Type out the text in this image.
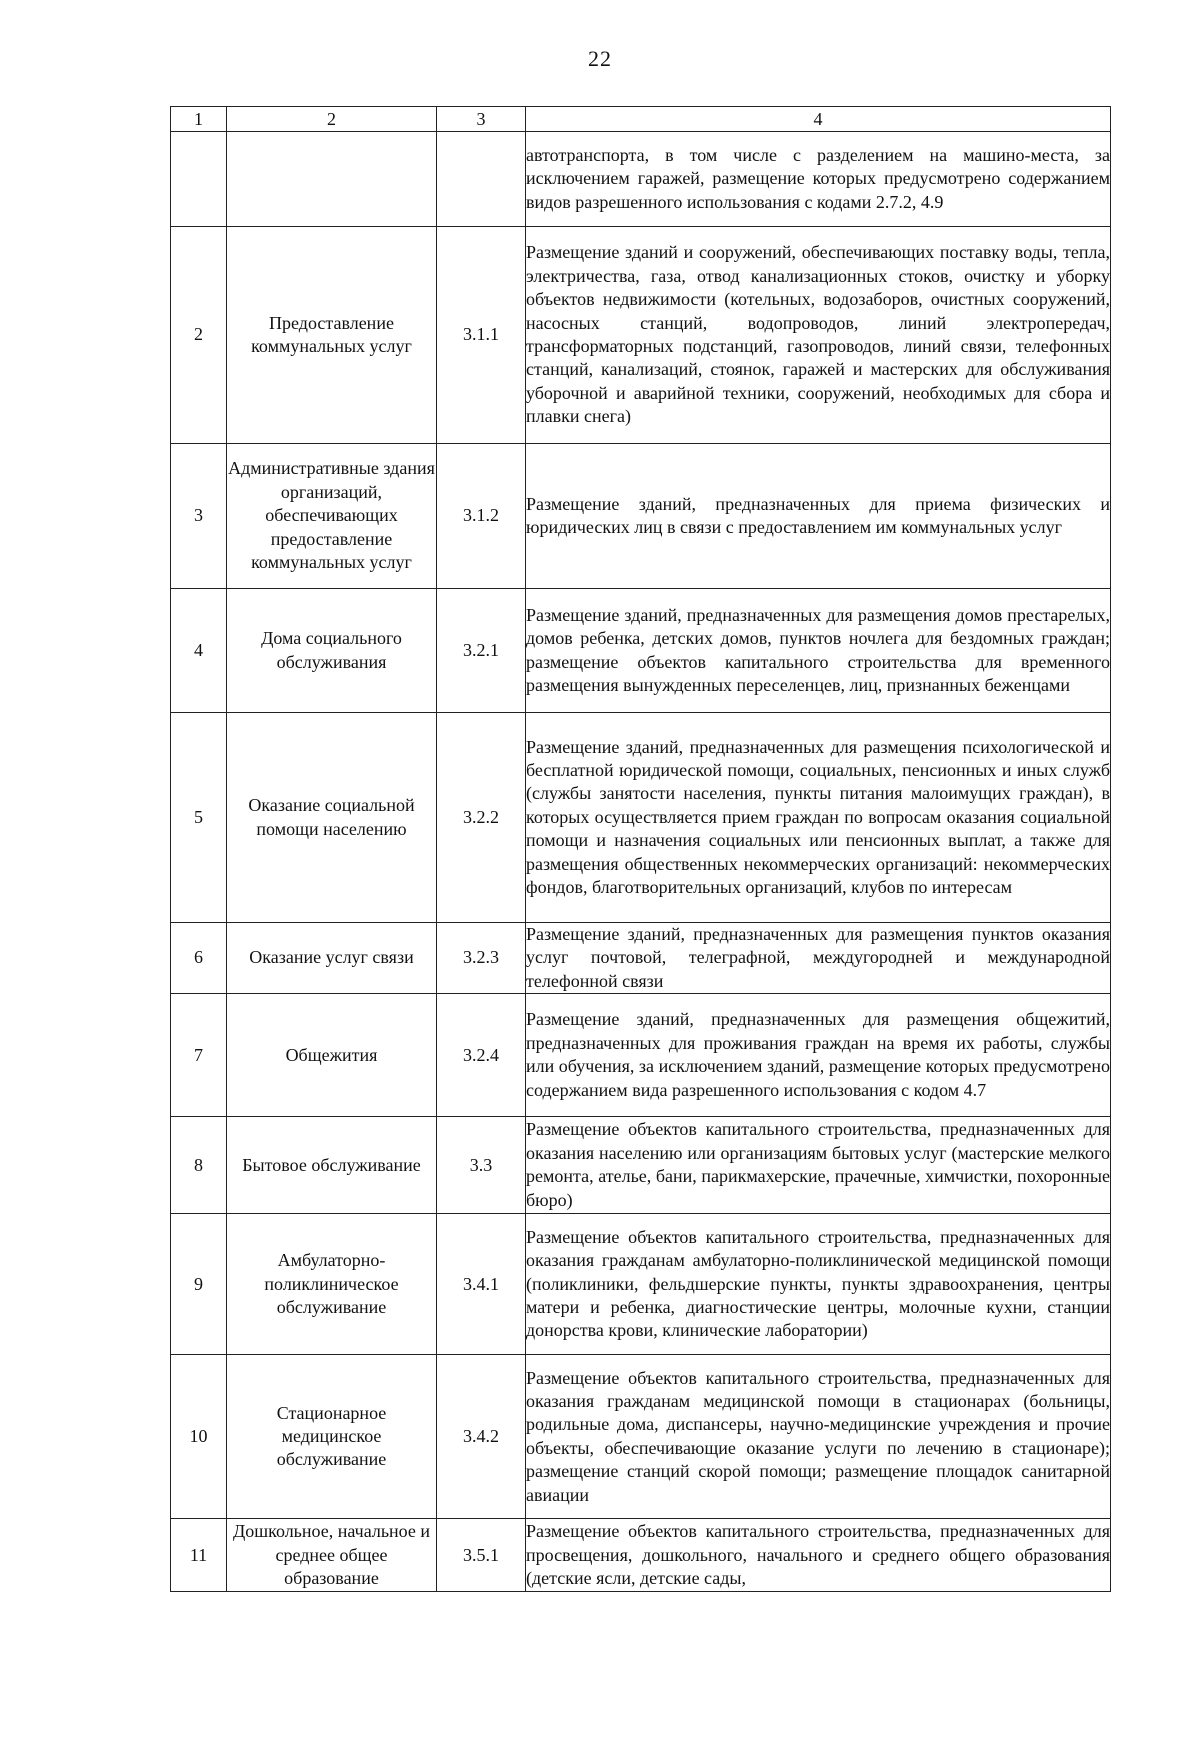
22
1	2	3	4
			автотранспорта, в том числе с разделением на машино-места, за исключением гаражей, размещение которых предусмотрено содержанием видов разрешенного использования с кодами 2.7.2, 4.9
2	Предоставление коммунальных услуг	3.1.1	Размещение зданий и сооружений, обеспечивающих поставку воды, тепла, электричества, газа, отвод канализационных стоков, очистку и уборку объектов недвижимости (котельных, водозаборов, очистных сооружений, насосных станций, водопроводов, линий электропередач, трансформаторных подстанций, газопроводов, линий связи, телефонных станций, канализаций, стоянок, гаражей и мастерских для обслуживания уборочной и аварийной техники, сооружений, необходимых для сбора и плавки снега)
3	Административные здания организаций, обеспечивающих предоставление коммунальных услуг	3.1.2	Размещение зданий, предназначенных для приема физических и юридических лиц в связи с предоставлением им коммунальных услуг
4	Дома социального обслуживания	3.2.1	Размещение зданий, предназначенных для размещения домов престарелых, домов ребенка, детских домов, пунктов ночлега для бездомных граждан; размещение объектов капитального строительства для временного размещения вынужденных переселенцев, лиц, признанных беженцами
5	Оказание социальной помощи населению	3.2.2	Размещение зданий, предназначенных для размещения психологической и бесплатной юридической помощи, социальных, пенсионных и иных служб (службы занятости населения, пункты питания малоимущих граждан), в которых осуществляется прием граждан по вопросам оказания социальной помощи и назначения социальных или пенсионных выплат, а также для размещения общественных некоммерческих организаций: некоммерческих фондов, благотворительных организаций, клубов по интересам
6	Оказание услуг связи	3.2.3	Размещение зданий, предназначенных для размещения пунктов оказания услуг почтовой, телеграфной, междугородней и международной телефонной связи
7	Общежития	3.2.4	Размещение зданий, предназначенных для размещения общежитий, предназначенных для проживания граждан на время их работы, службы или обучения, за исключением зданий, размещение которых предусмотрено содержанием вида разрешенного использования с кодом 4.7
8	Бытовое обслуживание	3.3	Размещение объектов капитального строительства, предназначенных для оказания населению или организациям бытовых услуг (мастерские мелкого ремонта, ателье, бани, парикмахерские, прачечные, химчистки, похоронные бюро)
9	Амбулаторно-поликлиническое обслуживание	3.4.1	Размещение объектов капитального строительства, предназначенных для оказания гражданам амбулаторно-поликлинической медицинской помощи (поликлиники, фельдшерские пункты, пункты здравоохранения, центры матери и ребенка, диагностические центры, молочные кухни, станции донорства крови, клинические лаборатории)
10	Стационарное медицинское обслуживание	3.4.2	Размещение объектов капитального строительства, предназначенных для оказания гражданам медицинской помощи в стационарах (больницы, родильные дома, диспансеры, научно-медицинские учреждения и прочие объекты, обеспечивающие оказание услуги по лечению в стационаре); размещение станций скорой помощи; размещение площадок санитарной авиации
11	Дошкольное, начальное и среднее общее образование	3.5.1	Размещение объектов капитального строительства, предназначенных для просвещения, дошкольного, начального и среднего общего образования (детские ясли, детские сады,
